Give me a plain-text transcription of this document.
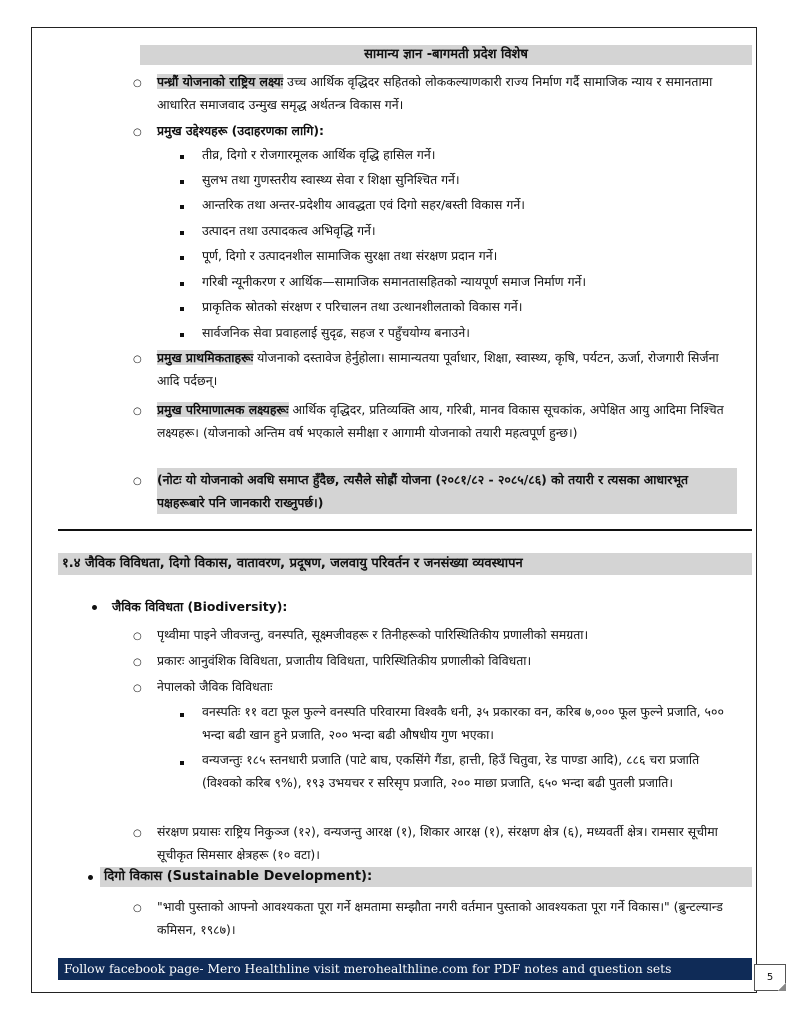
सामान्य ज्ञान -बागमती प्रदेश विशेष
○ पन्ध्रौं योजनाको राष्ट्रिय लक्ष्यः उच्च आर्थिक वृद्धिदर सहितको लोककल्याणकारी राज्य निर्माण गर्दै सामाजिक न्याय र समानतामा आधारित समाजवाद उन्मुख समृद्ध अर्थतन्त्र विकास गर्ने।
○ प्रमुख उद्देश्यहरू (उदाहरणका लागि):
तीव्र, दिगो र रोजगारमूलक आर्थिक वृद्धि हासिल गर्ने।
सुलभ तथा गुणस्तरीय स्वास्थ्य सेवा र शिक्षा सुनिश्चित गर्ने।
आन्तरिक तथा अन्तर-प्रदेशीय आवद्धता एवं दिगो सहर/बस्ती विकास गर्ने।
उत्पादन तथा उत्पादकत्व अभिवृद्धि गर्ने।
पूर्ण, दिगो र उत्पादनशील सामाजिक सुरक्षा तथा संरक्षण प्रदान गर्ने।
गरिबी न्यूनीकरण र आर्थिक—सामाजिक समानतासहितको न्यायपूर्ण समाज निर्माण गर्ने।
प्राकृतिक स्रोतको संरक्षण र परिचालन तथा उत्थानशीलताको विकास गर्ने।
सार्वजनिक सेवा प्रवाहलाई सुदृढ, सहज र पहुँचयोग्य बनाउने।
○ प्रमुख प्राथमिकताहरूः योजनाको दस्तावेज हेर्नुहोला। सामान्यतया पूर्वाधार, शिक्षा, स्वास्थ्य, कृषि, पर्यटन, ऊर्जा, रोजगारी सिर्जना आदि पर्दछन्।
○ प्रमुख परिमाणात्मक लक्ष्यहरूः आर्थिक वृद्धिदर, प्रतिव्यक्ति आय, गरिबी, मानव विकास सूचकांक, अपेक्षित आयु आदिमा निश्चित लक्ष्यहरू। (योजनाको अन्तिम वर्ष भएकाले समीक्षा र आगामी योजनाको तयारी महत्वपूर्ण हुन्छ।)
○ (नोटः यो योजनाको अवधि समाप्त हुँदैछ, त्यसैले सोह्रौं योजना (२०८१/८२ - २०८५/८६) को तयारी र त्यसका आधारभूत पक्षहरूबारे पनि जानकारी राख्नुपर्छ।)
१.४ जैविक विविधता, दिगो विकास, वातावरण, प्रदूषण, जलवायु परिवर्तन र जनसंख्या व्यवस्थापन
जैविक विविधता (Biodiversity):
○ पृथ्वीमा पाइने जीवजन्तु, वनस्पति, सूक्ष्मजीवहरू र तिनीहरूको पारिस्थितिकीय प्रणालीको समग्रता।
○ प्रकारः आनुवंशिक विविधता, प्रजातीय विविधता, पारिस्थितिकीय प्रणालीको विविधता।
○ नेपालको जैविक विविधताः
वनस्पतिः ११ वटा फूल फुल्ने वनस्पति परिवारमा विश्वकै धनी, ३५ प्रकारका वन, करिब ७,००० फूल फुल्ने प्रजाति, ५०० भन्दा बढी खान हुने प्रजाति, २०० भन्दा बढी औषधीय गुण भएका।
वन्यजन्तुः १८५ स्तनधारी प्रजाति (पाटे बाघ, एकसिंगे गैंडा, हात्ती, हिउँ चितुवा, रेड पाण्डा आदि), ८८६ चरा प्रजाति (विश्वको करिब ९%), १९३ उभयचर र सरिसृप प्रजाति, २०० माछा प्रजाति, ६५० भन्दा बढी पुतली प्रजाति।
○ संरक्षण प्रयासः राष्ट्रिय निकुञ्ज (१२), वन्यजन्तु आरक्ष (१), शिकार आरक्ष (१), संरक्षण क्षेत्र (६), मध्यवर्ती क्षेत्र। रामसार सूचीमा सूचीकृत सिमसार क्षेत्रहरू (१० वटा)।
दिगो विकास (Sustainable Development):
○ "भावी पुस्ताको आफ्नो आवश्यकता पूरा गर्ने क्षमतामा सम्झौता नगरी वर्तमान पुस्ताको आवश्यकता पूरा गर्ने विकास।" (ब्रुन्टल्यान्ड कमिसन, १९८७)।
Follow facebook page- Mero Healthline visit merohealthline.com for PDF notes and question sets
5
